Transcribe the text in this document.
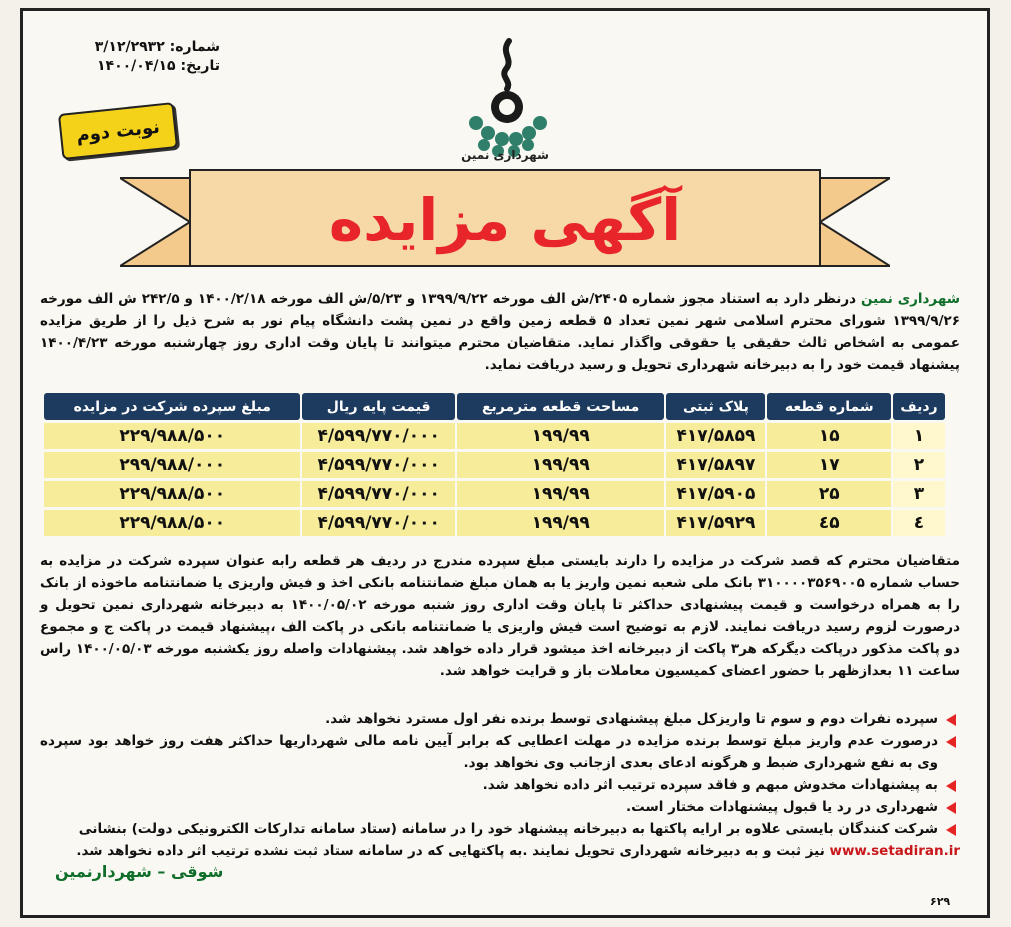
شماره: ۳/۱۲/۲۹۳۲
تاریخ: ۱۴۰۰/۰۴/۱۵
نوبت دوم
شهرداری نمین
آگهی مزایده
شهرداری نمین درنظر دارد به استناد مجوز شماره ۲۴۰۵/ش الف مورخه ۱۳۹۹/۹/۲۲ و ۵/۲۳/ش الف مورخه ۱۴۰۰/۲/۱۸ و ۲۴۲/۵ ش الف مورخه ۱۳۹۹/۹/۲۶ شورای محترم اسلامی شهر نمین تعداد ۵ قطعه زمین واقع در نمین پشت دانشگاه پیام نور به شرح ذیل را از طریق مزایده عمومی به اشخاص ثالث حقیقی یا حقوقی واگذار نماید. متقاضیان محترم میتوانند تا پایان وقت اداری روز چهارشنبه مورخه ۱۴۰۰/۴/۲۳ پیشنهاد قیمت خود را به دبیرخانه شهرداری تحویل و رسید دریافت نماید.
ردیف	شماره قطعه	پلاک ثبتی	مساحت قطعه مترمربع	قیمت پایه ریال	مبلغ سپرده شرکت در مزایده
۱	۱۵	۴۱۷/۵۸۵۹	۱۹۹/۹۹	۴/۵۹۹/۷۷۰/۰۰۰	۲۲۹/۹۸۸/۵۰۰
۲	۱۷	۴۱۷/۵۸۹۷	۱۹۹/۹۹	۴/۵۹۹/۷۷۰/۰۰۰	۲۹۹/۹۸۸/۰۰۰
۳	۲۵	۴۱۷/۵۹۰۵	۱۹۹/۹۹	۴/۵۹۹/۷۷۰/۰۰۰	۲۲۹/۹۸۸/۵۰۰
٤	٤۵	۴۱۷/۵۹۲۹	۱۹۹/۹۹	۴/۵۹۹/۷۷۰/۰۰۰	۲۲۹/۹۸۸/۵۰۰
متقاضیان محترم که قصد شرکت در مزایده را دارند بایستی مبلغ سپرده مندرج در ردیف هر قطعه رابه عنوان سپرده شرکت در مزایده به حساب شماره ۳۱۰۰۰۰۳۵۶۹۰۰۵ بانک ملی شعبه نمین واریز یا به همان مبلغ ضمانتنامه بانکی اخذ و فیش واریزی یا ضمانتنامه ماخوذه از بانک را به همراه درخواست و قیمت پیشنهادی حداکثر تا پایان وقت اداری روز شنبه مورخه ۱۴۰۰/۰۵/۰۲ به دبیرخانه شهرداری نمین تحویل و درصورت لزوم رسید دریافت نمایند. لازم به توضیح است فیش واریزی یا ضمانتنامه بانکی در پاکت الف ،پیشنهاد قیمت در پاکت ج و مجموع دو پاکت مذکور درپاکت دیگرکه هر۳ پاکت از دبیرخانه اخذ میشود قرار داده خواهد شد. پیشنهادات واصله روز یکشنبه مورخه ۱۴۰۰/۰۵/۰۳ راس ساعت ۱۱ بعدازظهر با حضور اعضای کمیسیون معاملات باز و قرایت خواهد شد.
سپرده نفرات دوم و سوم تا واریزکل مبلغ پیشنهادی توسط برنده نفر اول مسترد نخواهد شد.
درصورت عدم واریز مبلغ توسط برنده مزایده در مهلت اعطایی که برابر آیین نامه مالی شهرداریها حداکثر هفت روز خواهد بود سپرده وی به نفع شهرداری ضبط و هرگونه ادعای بعدی ازجانب وی نخواهد بود.
به پیشنهادات مخدوش مبهم و فاقد سپرده ترتیب اثر داده نخواهد شد.
شهرداری در رد یا قبول پیشنهادات مختار است.
شرکت کنندگان بایستی علاوه بر ارایه پاکتها به دبیرخانه پیشنهاد خود را در سامانه (ستاد سامانه تدارکات الکترونیکی دولت) بنشانی
www.setadiran.ir نیز ثبت و به دبیرخانه شهرداری تحویل نمایند .به پاکتهایی که در سامانه ستاد ثبت نشده ترتیب اثر داده نخواهد شد.
شوقی – شهردارنمین
۶۲۹
